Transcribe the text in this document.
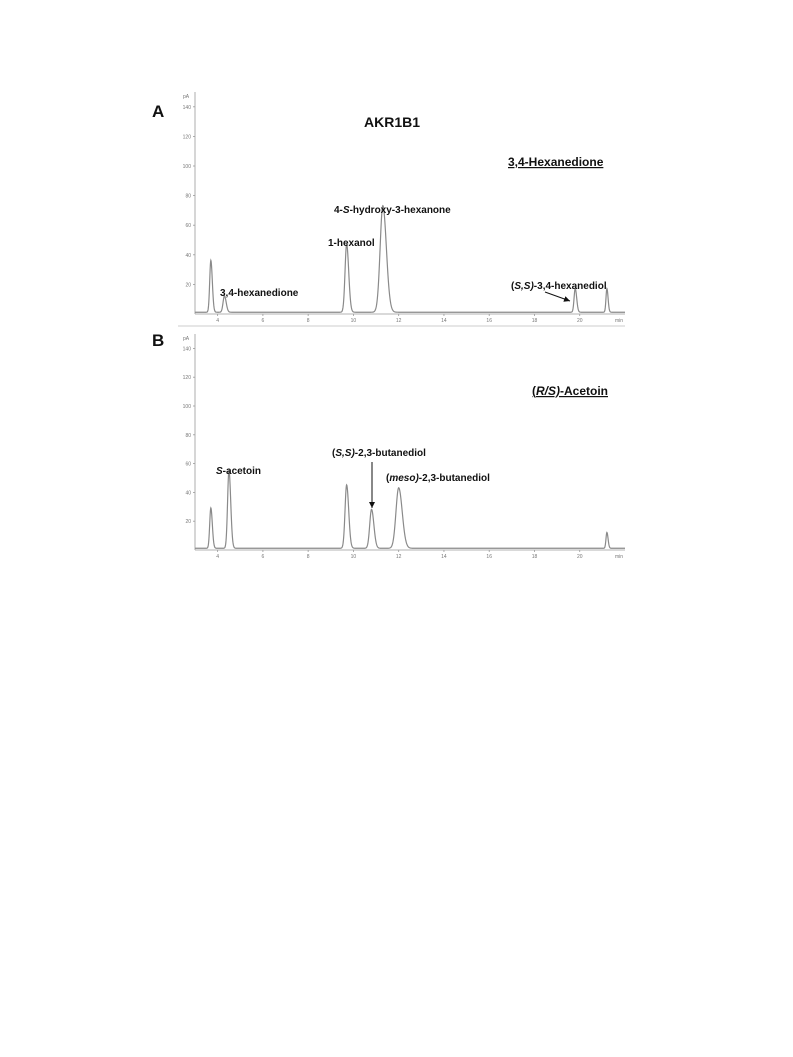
A
B
AKR1B1
pA
20
40
60
80
100
120
140
4	6	8	10	12	14	16	18	20	min
3,4-Hexanedione
3,4-hexanedione
1-hexanol
4-S-hydroxy-3-hexanone
(S,S)-3,4-hexanediol
pA
20
40
60
80
100
120
140
4	6	8	10	12	14	16	18	20	min
(R/S)-Acetoin
S-acetoin
(S,S)-2,3-butanediol
(meso)-2,3-butanediol
